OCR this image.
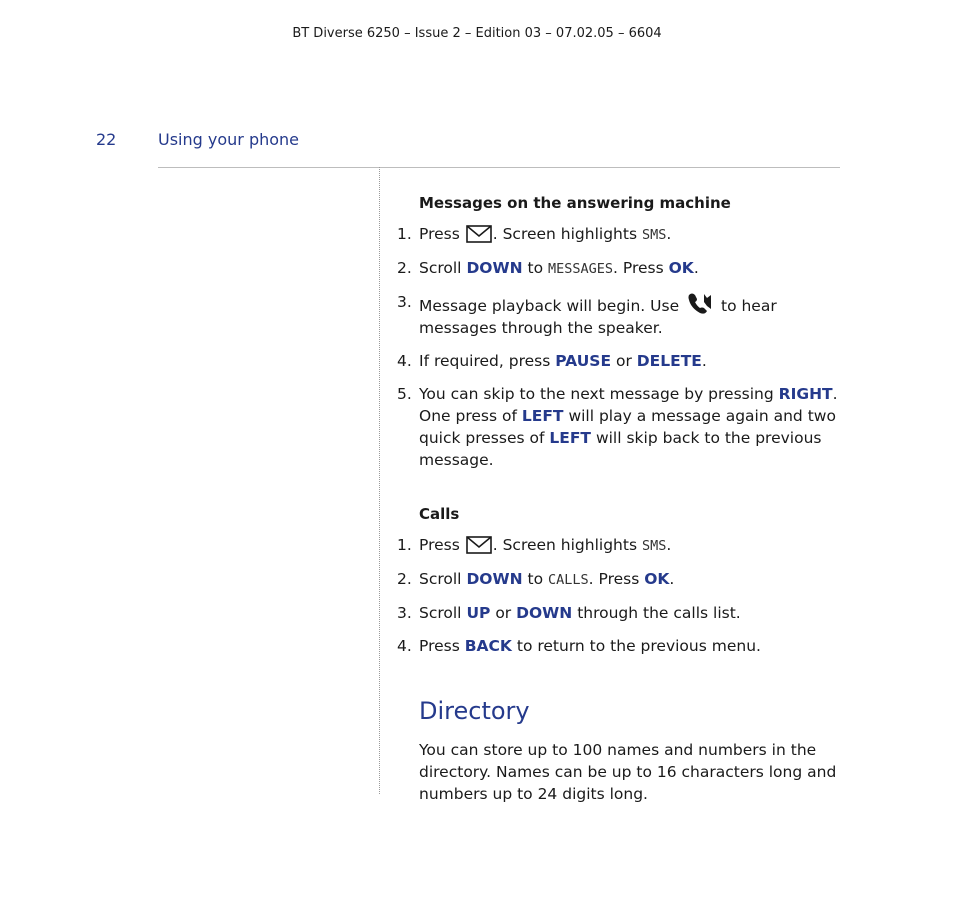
BT Diverse 6250 – Issue 2 – Edition 03 – 07.02.05 – 6604
22	Using your phone
Messages on the answering machine
1. Press . Screen highlights SMS.
2. Scroll DOWN to MESSAGES. Press OK.
3. Message playback will begin. Use	to hear messages through the speaker.
4. If required, press PAUSE or DELETE.
5. You can skip to the next message by pressing RIGHT. One press of LEFT will play a message again and two quick presses of LEFT will skip back to the previous message.
Calls
1. Press . Screen highlights SMS.
2. Scroll DOWN to CALLS. Press OK.
3. Scroll UP or DOWN through the calls list.
4. Press BACK to return to the previous menu.
Directory

You can store up to 100 names and numbers in the directory. Names can be up to 16 characters long and numbers up to 24 digits long.
